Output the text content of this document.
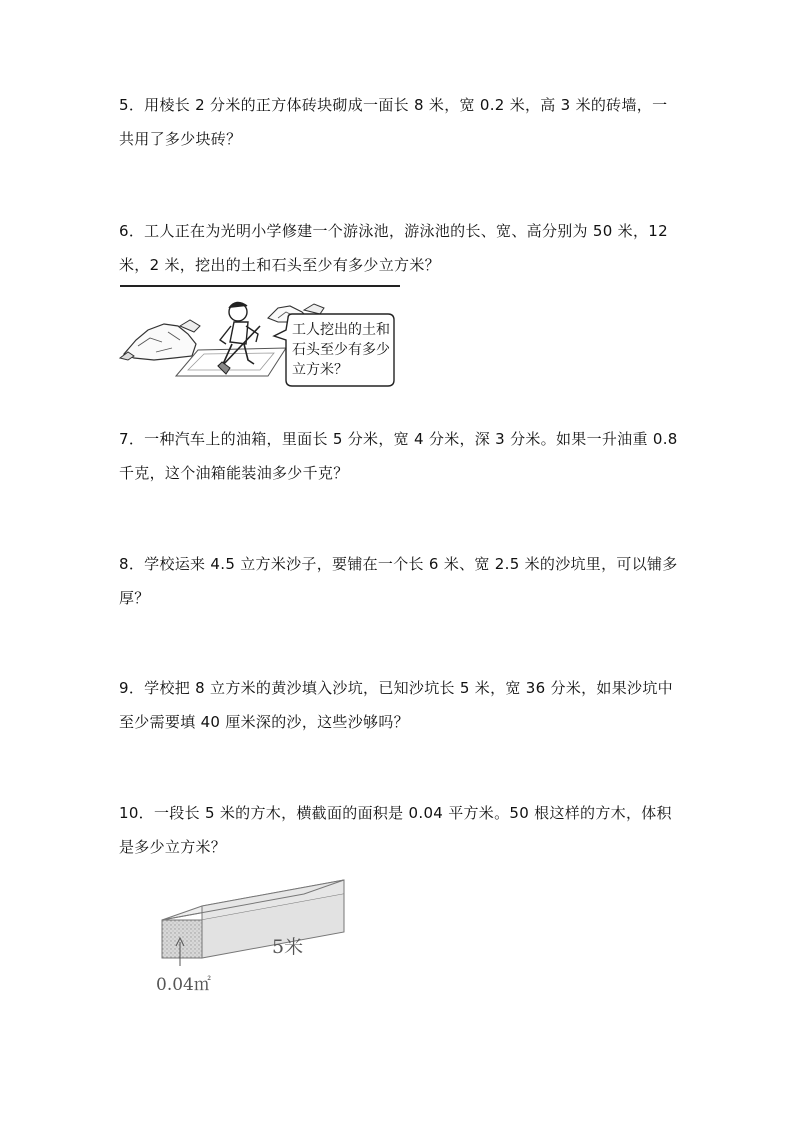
5．用棱长 2 分米的正方体砖块砌成一面长 8 米，宽 0.2 米，高 3 米的砖墙，一共用了多少块砖？

6．工人正在为光明小学修建一个游泳池，游泳池的长、宽、高分别为 50 米，12 米，2 米，挖出的土和石头至少有多少立方米？

工人挖出的土和石头至少有多少立方米？

7．一种汽车上的油箱，里面长 5 分米，宽 4 分米，深 3 分米。如果一升油重 0.8 千克，这个油箱能装油多少千克？

8．学校运来 4.5 立方米沙子，要铺在一个长 6 米、宽 2.5 米的沙坑里，可以铺多厚？

9．学校把 8 立方米的黄沙填入沙坑，已知沙坑长 5 米，宽 36 分米，如果沙坑中至少需要填 40 厘米深的沙，这些沙够吗？

10．一段长 5 米的方木，横截面的面积是 0.04 平方米。50 根这样的方木，体积是多少立方米？

5米
0.04㎡
